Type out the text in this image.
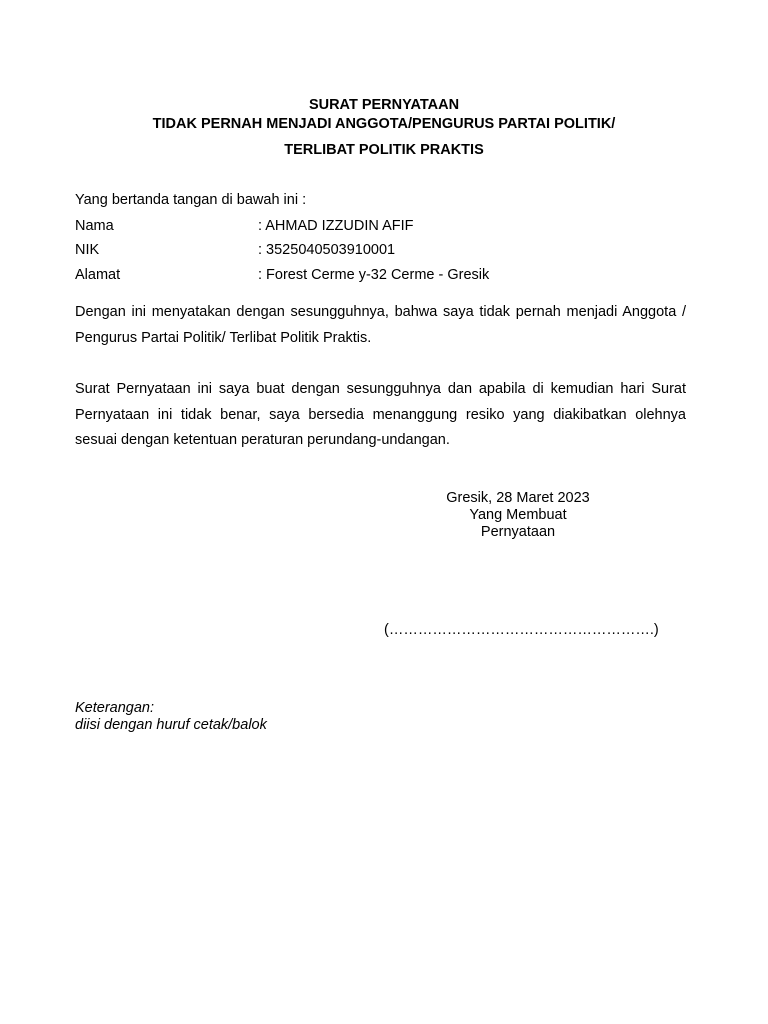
SURAT PERNYATAAN
TIDAK PERNAH MENJADI ANGGOTA/PENGURUS PARTAI POLITIK/
TERLIBAT POLITIK PRAKTIS
Yang bertanda tangan di bawah ini :
Nama	: AHMAD IZZUDIN AFIF
NIK	: 3525040503910001
Alamat	: Forest Cerme y-32 Cerme - Gresik
Dengan ini menyatakan dengan sesungguhnya, bahwa saya tidak pernah menjadi Anggota / Pengurus Partai Politik/ Terlibat Politik Praktis.
Surat Pernyataan ini saya buat dengan sesungguhnya dan apabila di kemudian hari Surat Pernyataan ini tidak benar, saya bersedia menanggung resiko yang diakibatkan olehnya sesuai dengan ketentuan peraturan perundang-undangan.
Gresik, 28 Maret 2023
Yang Membuat
Pernyataan
(……………………………………………….)
Keterangan:
diisi dengan huruf cetak/balok
